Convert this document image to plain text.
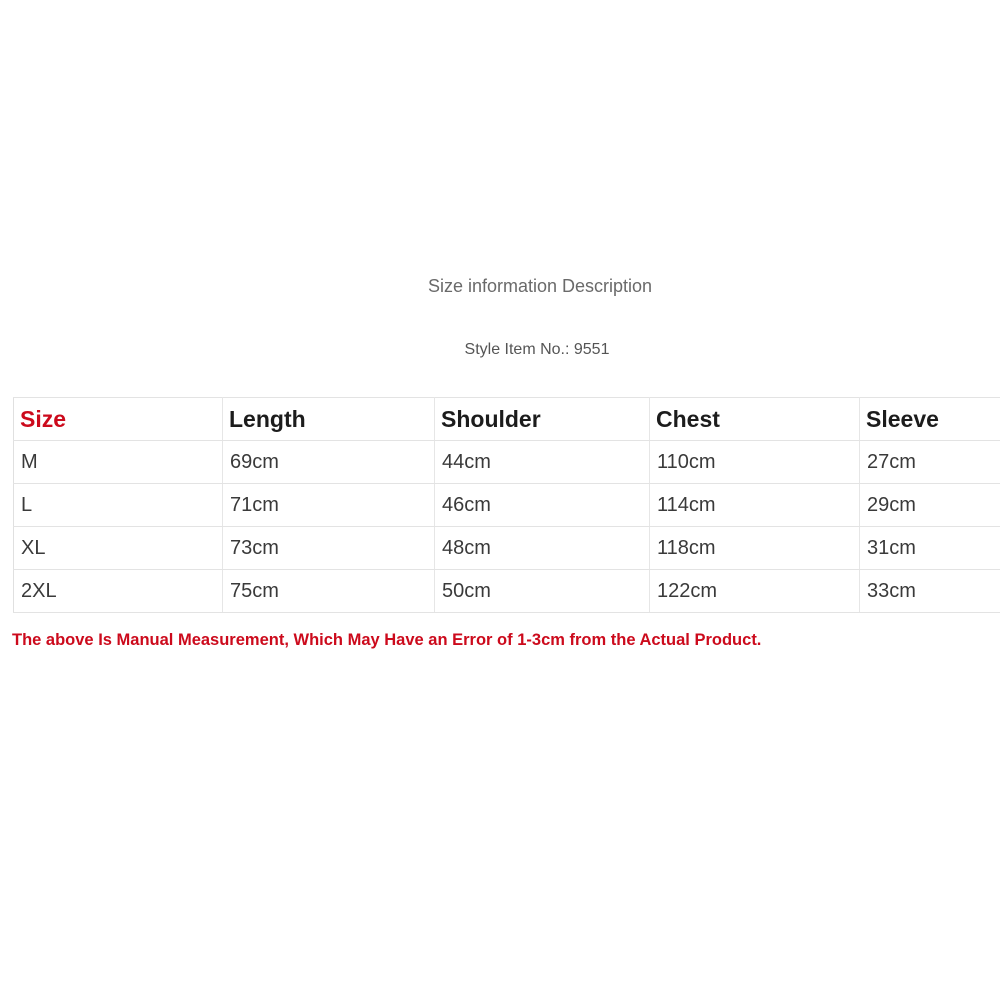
Size information Description
Style Item No.: 9551
Size	Length	Shoulder	Chest	Sleeve
M	69cm	44cm	110cm	27cm
L	71cm	46cm	114cm	29cm
XL	73cm	48cm	118cm	31cm
2XL	75cm	50cm	122cm	33cm
The above Is Manual Measurement, Which May Have an Error of 1-3cm from the Actual Product.
